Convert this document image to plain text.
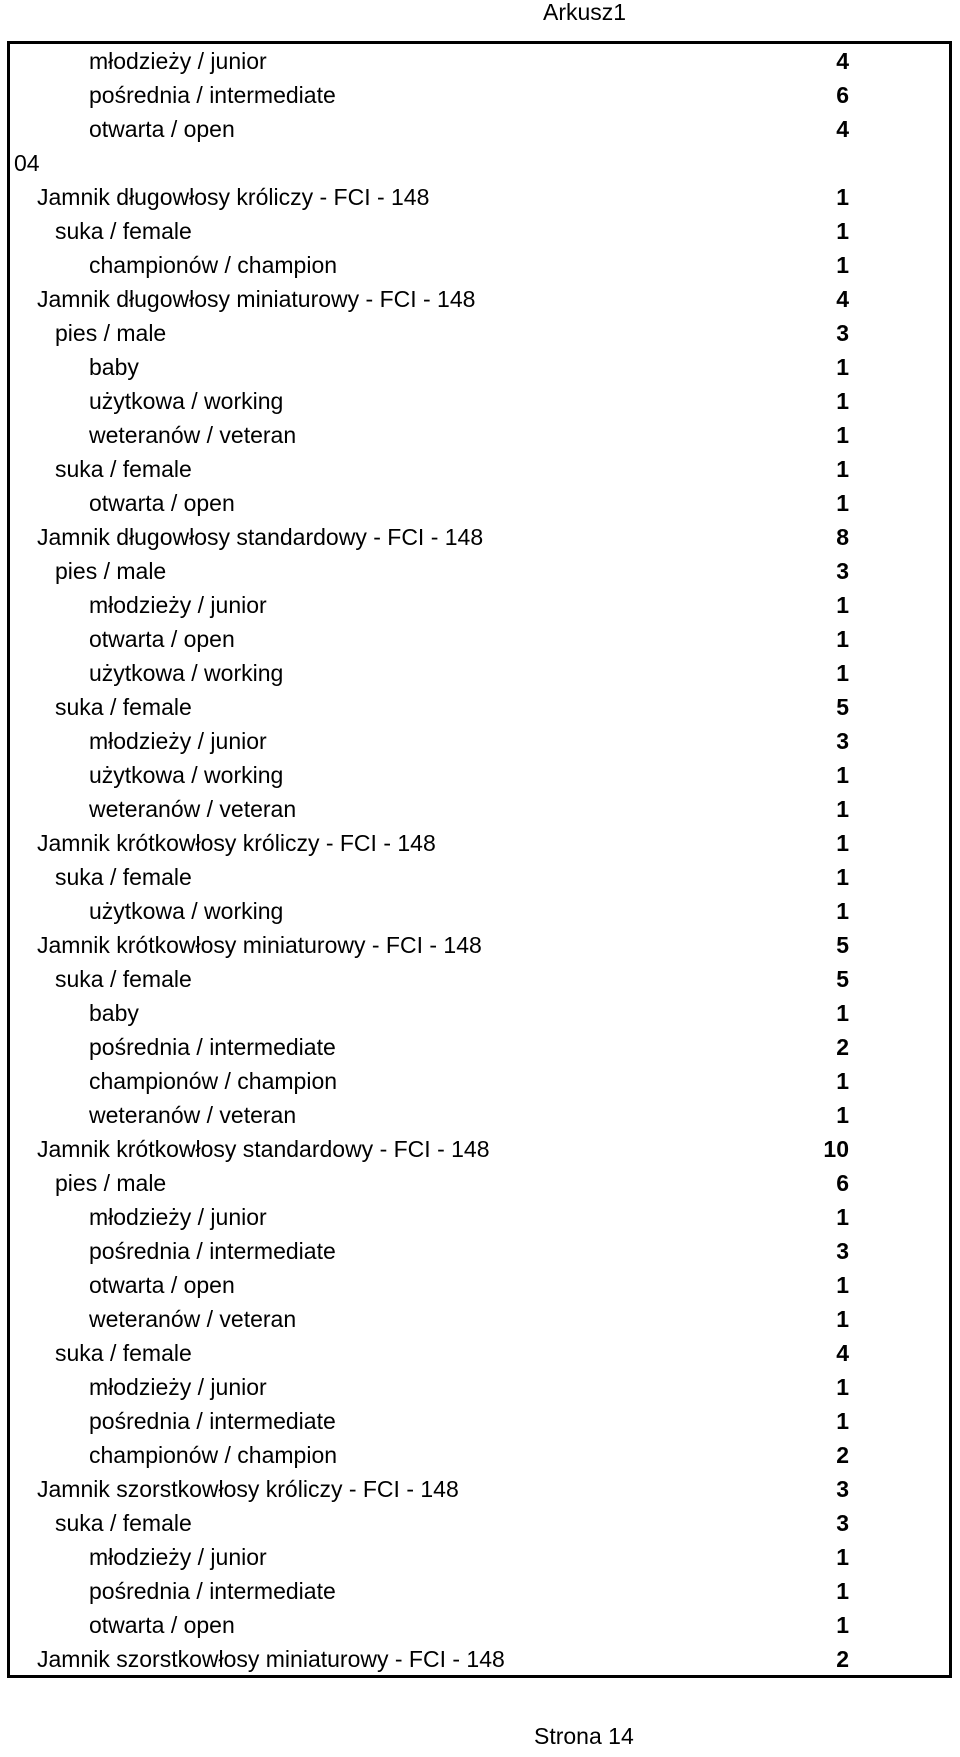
Arkusz1
młodzieży / junior	4
pośrednia / intermediate	6
otwarta / open	4
04
Jamnik długowłosy króliczy - FCI - 148	1
suka / female	1
championów / champion	1
Jamnik długowłosy miniaturowy - FCI - 148	4
pies / male	3
baby	1
użytkowa / working	1
weteranów / veteran	1
suka / female	1
otwarta / open	1
Jamnik długowłosy standardowy - FCI - 148	8
pies / male	3
młodzieży / junior	1
otwarta / open	1
użytkowa / working	1
suka / female	5
młodzieży / junior	3
użytkowa / working	1
weteranów / veteran	1
Jamnik krótkowłosy króliczy - FCI - 148	1
suka / female	1
użytkowa / working	1
Jamnik krótkowłosy miniaturowy - FCI - 148	5
suka / female	5
baby	1
pośrednia / intermediate	2
championów / champion	1
weteranów / veteran	1
Jamnik krótkowłosy standardowy - FCI - 148	10
pies / male	6
młodzieży / junior	1
pośrednia / intermediate	3
otwarta / open	1
weteranów / veteran	1
suka / female	4
młodzieży / junior	1
pośrednia / intermediate	1
championów / champion	2
Jamnik szorstkowłosy króliczy - FCI - 148	3
suka / female	3
młodzieży / junior	1
pośrednia / intermediate	1
otwarta / open	1
Jamnik szorstkowłosy miniaturowy - FCI - 148	2
Strona 14
